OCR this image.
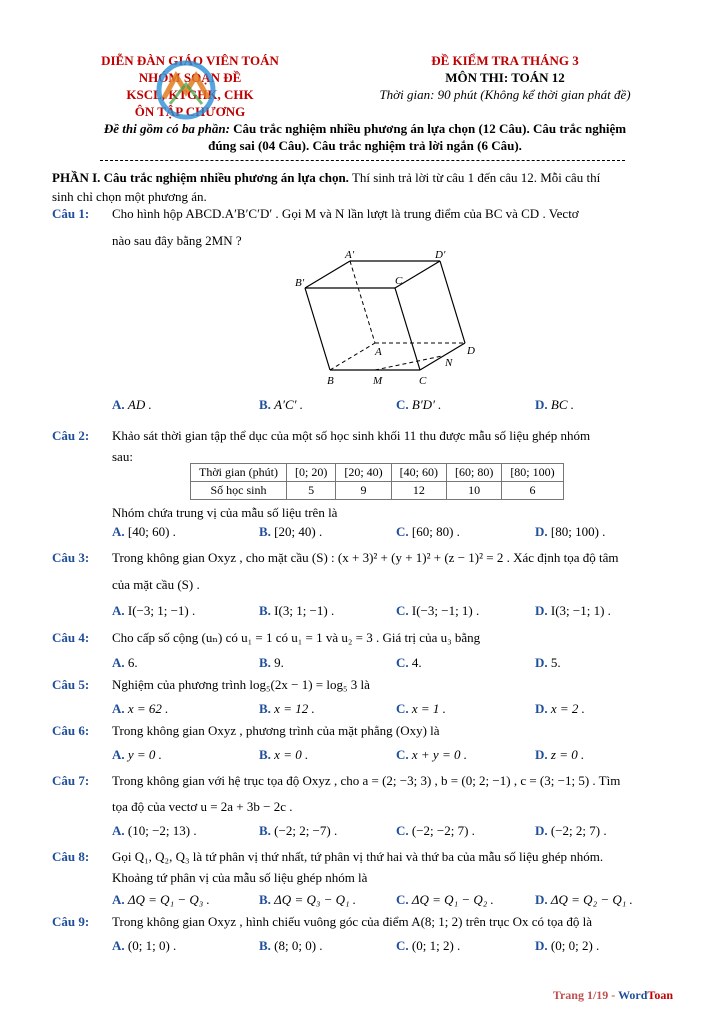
DIỄN ĐÀN GIÁO VIÊN TOÁN
NHÓM SOẠN ĐỀ
KSCL, KTGHK, CHK
ÔN TẬP CHƯƠNG
ĐỀ KIỂM TRA THÁNG 3
MÔN THI: TOÁN 12
Thời gian: 90 phút (Không kể thời gian phát đề)
Đề thi gồm có ba phần: Câu trắc nghiệm nhiều phương án lựa chọn (12 Câu). Câu trắc nghiệm
đúng sai (04 Câu). Câu trắc nghiệm trả lời ngắn (6 Câu).
PHẦN I. Câu trắc nghiệm nhiều phương án lựa chọn. Thí sinh trả lời từ câu 1 đến câu 12. Mỗi câu thí
sinh chỉ chọn một phương án.
Câu 1: Cho hình hộp ABCD.A′B′C′D′ . Gọi M và N lần lượt là trung điểm của BC và CD . Vectơ
nào sau đây bằng 2MN ?
A′	D′
B′	C
A	D
N
B	M	C
A. AD .	B. A′C′ .	C. B′D′ .	D. BC .
Câu 2: Khảo sát thời gian tập thể dục của một số học sinh khối 11 thu được mẫu số liệu ghép nhóm
sau:
Thời gian (phút)	[0; 20)	[20; 40)	[40; 60)	[60; 80)	[80; 100)
Số học sinh	5	9	12	10	6
Nhóm chứa trung vị của mẫu số liệu trên là
A. [40; 60) .	B. [20; 40) .	C. [60; 80) .	D. [80; 100) .
Câu 3: Trong không gian Oxyz , cho mặt cầu (S) : (x + 3)² + (y + 1)² + (z − 1)² = 2 . Xác định tọa độ tâm
của mặt cầu (S) .
A. I(−3; 1; −1) .	B. I(3; 1; −1) .	C. I(−3; −1; 1) .	D. I(3; −1; 1) .
Câu 4: Cho cấp số cộng (uₙ) có u₁ = 1 có u₁ = 1 và u₂ = 3 . Giá trị của u₃ bằng
A. 6.	B. 9.	C. 4.	D. 5.
Câu 5: Nghiệm của phương trình log₅(2x − 1) = log₅ 3 là
A. x = 62 .	B. x = 12 .	C. x = 1 .	D. x = 2 .
Câu 6: Trong không gian Oxyz , phương trình của mặt phẳng (Oxy) là
A. y = 0 .	B. x = 0 .	C. x + y = 0 .	D. z = 0 .
Câu 7: Trong không gian với hệ trục tọa độ Oxyz , cho a = (2; −3; 3) , b = (0; 2; −1) , c = (3; −1; 5) . Tìm
tọa độ của vectơ u = 2a + 3b − 2c .
A. (10; −2; 13) .	B. (−2; 2; −7) .	C. (−2; −2; 7) .	D. (−2; 2; 7) .
Câu 8: Gọi Q₁, Q₂, Q₃ là tứ phân vị thứ nhất, tứ phân vị thứ hai và thứ ba của mẫu số liệu ghép nhóm.
Khoảng tứ phân vị của mẫu số liệu ghép nhóm là
A. ΔQ = Q₁ − Q₃ .	B. ΔQ = Q₃ − Q₁ .	C. ΔQ = Q₁ − Q₂ .	D. ΔQ = Q₂ − Q₁ .
Câu 9: Trong không gian Oxyz , hình chiếu vuông góc của điểm A(8; 1; 2) trên trục Ox có tọa độ là
A. (0; 1; 0) .	B. (8; 0; 0) .	C. (0; 1; 2) .	D. (0; 0; 2) .
Trang 1/19 - WordToan
